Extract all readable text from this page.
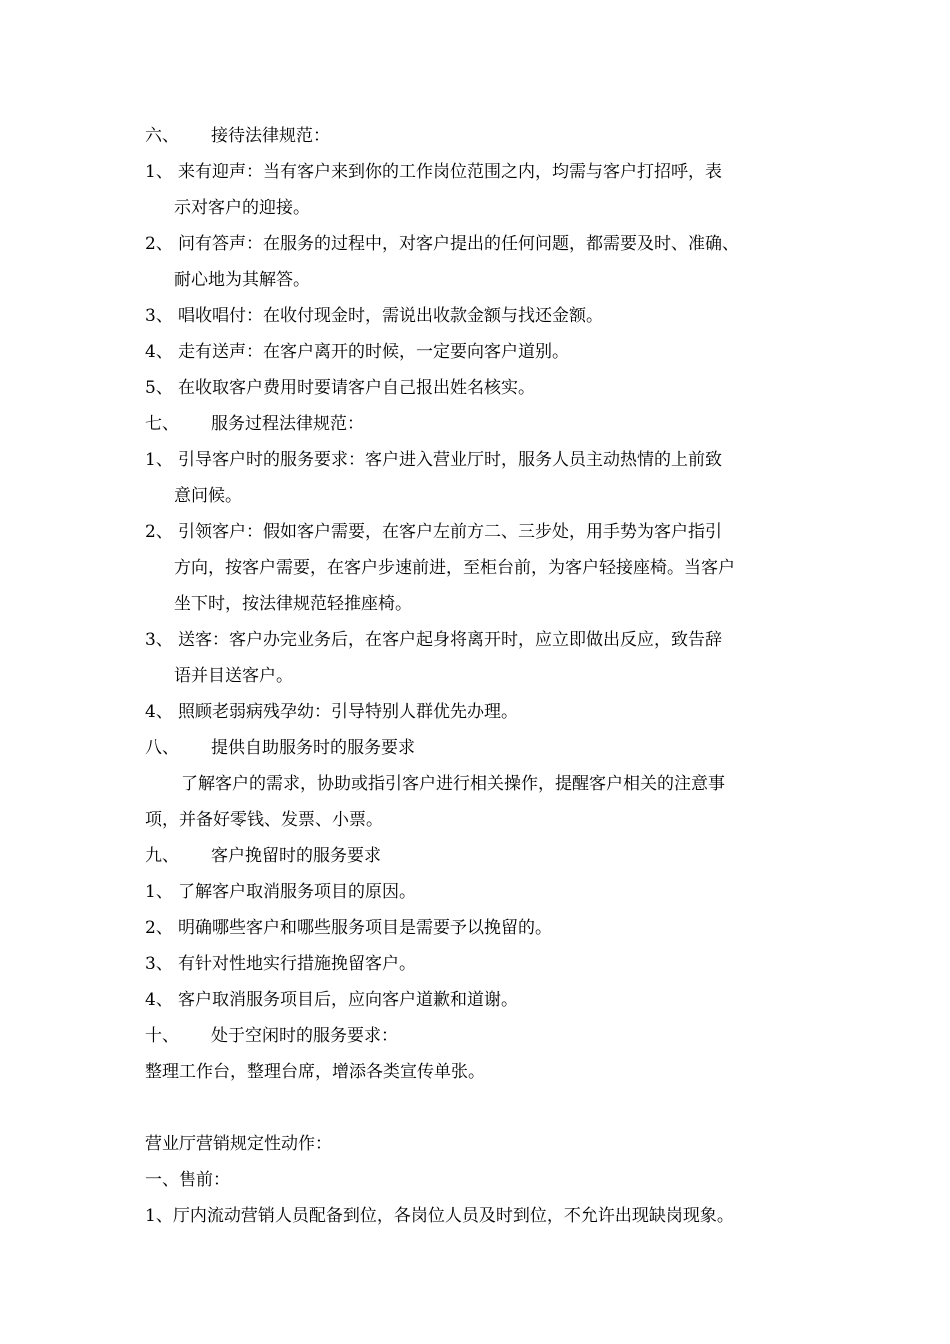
六、 接待法律规范：
1、 来有迎声：当有客户来到你的工作岗位范围之内，均需与客户打招呼，表
示对客户的迎接。
2、 问有答声：在服务的过程中，对客户提出的任何问题，都需要及时、准确、
耐心地为其解答。
3、 唱收唱付：在收付现金时，需说出收款金额与找还金额。
4、 走有送声：在客户离开的时候，一定要向客户道别。
5、 在收取客户费用时要请客户自己报出姓名核实。
七、 服务过程法律规范：
1、 引导客户时的服务要求：客户进入营业厅时，服务人员主动热情的上前致
意问候。
2、 引领客户：假如客户需要，在客户左前方二、三步处，用手势为客户指引
方向，按客户需要，在客户步速前进，至柜台前，为客户轻接座椅。当客户
坐下时，按法律规范轻推座椅。
3、 送客：客户办完业务后，在客户起身将离开时，应立即做出反应，致告辞
语并目送客户。
4、 照顾老弱病残孕幼：引导特别人群优先办理。
八、 提供自助服务时的服务要求
了解客户的需求，协助或指引客户进行相关操作，提醒客户相关的注意事
项，并备好零钱、发票、小票。
九、 客户挽留时的服务要求
1、 了解客户取消服务项目的原因。
2、 明确哪些客户和哪些服务项目是需要予以挽留的。
3、 有针对性地实行措施挽留客户。
4、 客户取消服务项目后，应向客户道歉和道谢。
十、 处于空闲时的服务要求：
整理工作台，整理台席，增添各类宣传单张。
营业厅营销规定性动作：
一、售前：
1、厅内流动营销人员配备到位，各岗位人员及时到位，不允许出现缺岗现象。
